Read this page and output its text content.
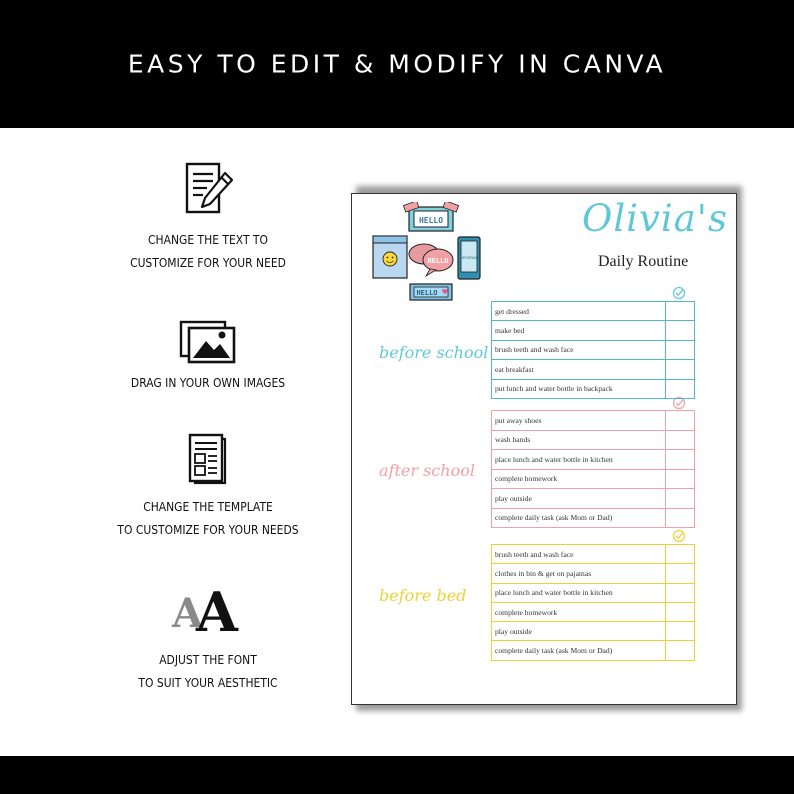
EASY TO EDIT & MODIFY IN CANVA
CHANGE THE TEXT TO
CUSTOMIZE FOR YOUR NEED
DRAG IN YOUR OWN IMAGES
CHANGE THE TEMPLATE
TO CUSTOMIZE FOR YOUR NEEDS
A
A
ADJUST THE FONT
TO SUIT YOUR AESTHETIC
HELLO
HELLO	IMPORTANT
HELLO
Olivia's
Daily Routine
before school
get dressed	
make bed	
brush teeth and wash face	
eat breakfast	
put lunch and water bottle in backpack	
after school
put away shoes	
wash hands	
place lunch and water bottle in kitchen	
complete homework	
play outside	
complete daily task (ask Mom or Dad)	
before bed
brush teeth and wash face	
clothes in bin & get on pajamas	
place lunch and water bottle in kitchen	
complete homework	
play outside	
complete daily task (ask Mom or Dad)	
